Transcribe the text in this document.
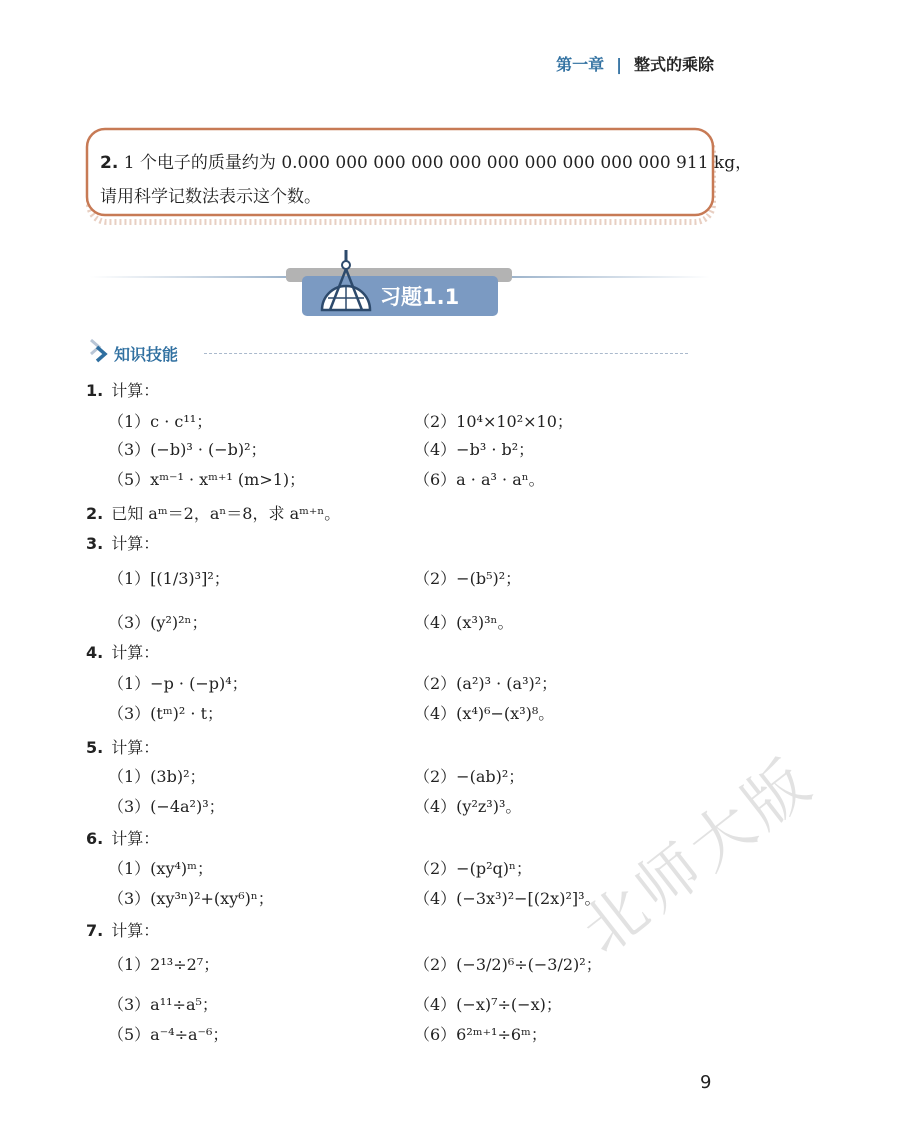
第一章 | 整式的乘除
2. 1 个电子的质量约为 0.000 000 000 000 000 000 000 000 000 000 911 kg，
请用科学记数法表示这个数。
习题1.1
知识技能
1. 计算：
（1）c · c¹¹；	（2）10⁴×10²×10；
（3）(−b)³ · (−b)²；	（4）−b³ · b²；
（5）xᵐ⁻¹ · xᵐ⁺¹ (m>1)；	（6）a · a³ · aⁿ。
2. 已知 aᵐ＝2，aⁿ＝8，求 aᵐ⁺ⁿ。
3. 计算：
（1）[(1/3)³]²；	（2）−(b⁵)²；
（3）(y²)²ⁿ；	（4）(x³)³ⁿ。
4. 计算：
（1）−p · (−p)⁴；	（2）(a²)³ · (a³)²；
（3）(tᵐ)² · t；	（4）(x⁴)⁶−(x³)⁸。
5. 计算：
（1）(3b)²；	（2）−(ab)²；
（3）(−4a²)³；	（4）(y²z³)³。
6. 计算：
（1）(xy⁴)ᵐ；	（2）−(p²q)ⁿ；
（3）(xy³ⁿ)²+(xy⁶)ⁿ；	（4）(−3x³)²−[(2x)²]³。
7. 计算：
（1）2¹³÷2⁷；	（2）(−3/2)⁶÷(−3/2)²；
（3）a¹¹÷a⁵；	（4）(−x)⁷÷(−x)；
（5）a⁻⁴÷a⁻⁶；	（6）6²ᵐ⁺¹÷6ᵐ；
北师大版
9
